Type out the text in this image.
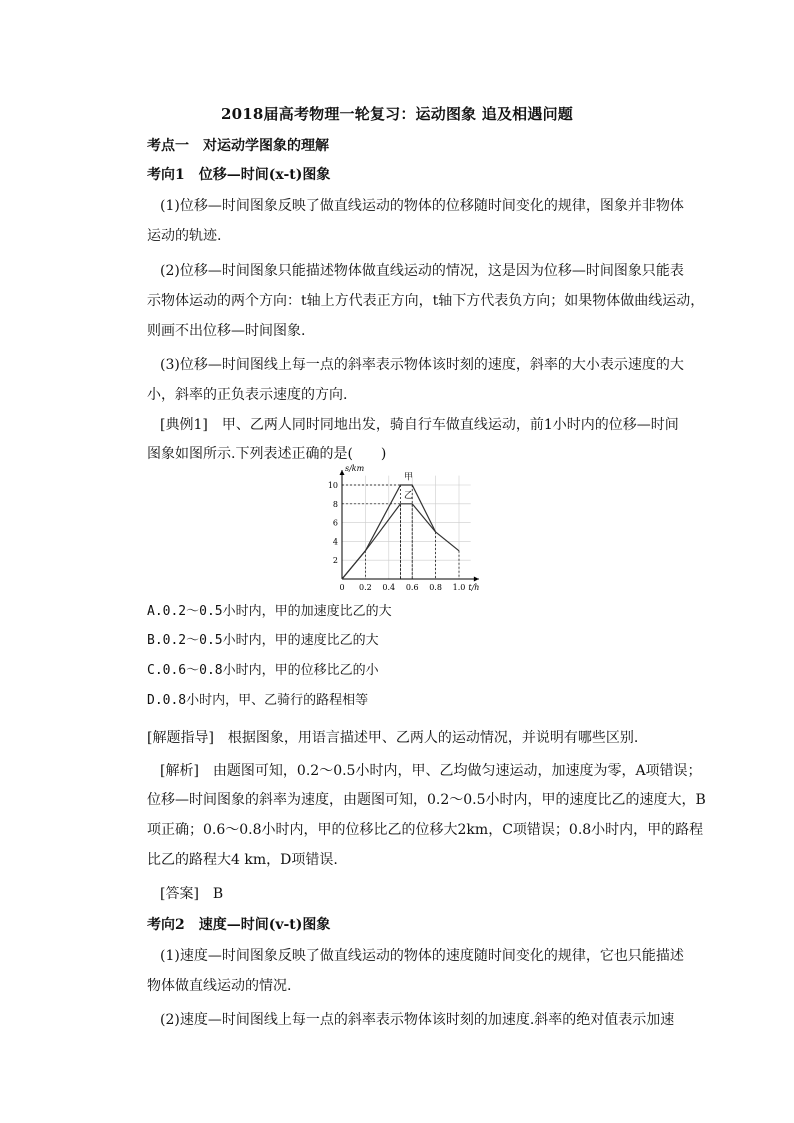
2018届高考物理一轮复习：运动图象 追及相遇问题
考点一　对运动学图象的理解
考向1　位移—时间(x-t)图象
(1)位移—时间图象反映了做直线运动的物体的位移随时间变化的规律，图象并非物体
运动的轨迹.
(2)位移—时间图象只能描述物体做直线运动的情况，这是因为位移—时间图象只能表
示物体运动的两个方向：t轴上方代表正方向，t轴下方代表负方向；如果物体做曲线运动，
则画不出位移—时间图象.
(3)位移—时间图线上每一点的斜率表示物体该时刻的速度，斜率的大小表示速度的大
小，斜率的正负表示速度的方向.
[典例1]　甲、乙两人同时同地出发，骑自行车做直线运动，前1小时内的位移—时间
图象如图所示.下列表述正确的是(　　)
0 0.2 0.4 0.6 0.8 1.0
2
4
6
8
10
甲
乙
t/h
s/km
A.0.2～0.5小时内，甲的加速度比乙的大
B.0.2～0.5小时内，甲的速度比乙的大
C.0.6～0.8小时内，甲的位移比乙的小
D.0.8小时内，甲、乙骑行的路程相等
[解题指导]　根据图象，用语言描述甲、乙两人的运动情况，并说明有哪些区别.
[解析]　由题图可知，0.2～0.5小时内，甲、乙均做匀速运动，加速度为零，A项错误；
位移—时间图象的斜率为速度，由题图可知，0.2～0.5小时内，甲的速度比乙的速度大，B
项正确；0.6～0.8小时内，甲的位移比乙的位移大2km，C项错误；0.8小时内，甲的路程
比乙的路程大4 km，D项错误.
[答案]　B
考向2　速度—时间(v-t)图象
(1)速度—时间图象反映了做直线运动的物体的速度随时间变化的规律，它也只能描述
物体做直线运动的情况.
(2)速度—时间图线上每一点的斜率表示物体该时刻的加速度.斜率的绝对值表示加速
